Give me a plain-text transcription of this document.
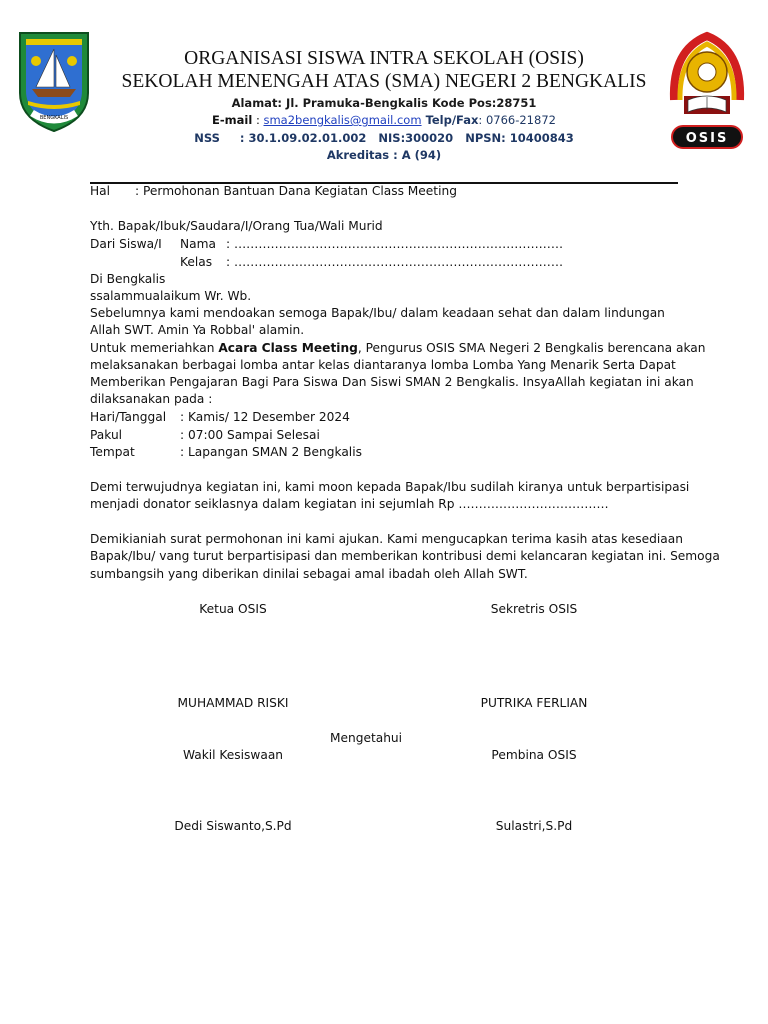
BENGKALIS
OSIS
ORGANISASI SISWA INTRA SEKOLAH (OSIS)
SEKOLAH MENENGAH ATAS (SMA) NEGERI 2 BENGKALIS
Alamat: Jl. Pramuka-Bengkalis Kode Pos:28751
E-mail : sma2bengkalis@gmail.com Telp/Fax: 0766-21872
NSS     : 30.1.09.02.01.002   NIS:300020   NPSN: 10400843
Akreditas : A (94)
Hal : Permohonan Bantuan Dana Kegiatan Class Meeting
Yth. Bapak/Ibuk/Saudara/I/Orang Tua/Wali Murid
Dari Siswa/I Nama : ………………………………………………………………………
Kelas : ………………………………………………………………………
Di Bengkalis
ssalammualaikum Wr. Wb.
Sebelumnya kami mendoakan semoga Bapak/Ibu/ dalam keadaan sehat dan dalam lindungan
Allah SWT. Amin Ya Robbal' alamin.
Untuk memeriahkan Acara Class Meeting, Pengurus OSIS SMA Negeri 2 Bengkalis berencana akan
melaksanakan berbagai lomba antar kelas diantaranya lomba Lomba Yang Menarik Serta Dapat
Memberikan Pengajaran Bagi Para Siswa Dan Siswi SMAN 2 Bengkalis. InsyaAllah kegiatan ini akan
dilaksanakan pada :
Hari/Tanggal : Kamis/ 12 Desember 2024
Pakul	: 07:00 Sampai Selesai
Tempat	: Lapangan SMAN 2 Bengkalis
Demi terwujudnya kegiatan ini, kami moon kepada Bapak/Ibu sudilah kiranya untuk berpartisipasi
menjadi donator seiklasnya dalam kegiatan ini sejumlah Rp ……………………………….
Demikianiah surat permohonan ini kami ajukan. Kami mengucapkan terima kasih atas kesediaan
Bapak/Ibu/ vang turut berpartisipasi dan memberikan kontribusi demi kelancaran kegiatan ini. Semoga
sumbangsih yang diberikan dinilai sebagai amal ibadah oleh Allah SWT.
Ketua OSIS	Sekretris OSIS
MUHAMMAD RISKI	PUTRIKA FERLIAN
Mengetahui
Wakil Kesiswaan	Pembina OSIS
Dedi Siswanto,S.Pd	Sulastri,S.Pd
